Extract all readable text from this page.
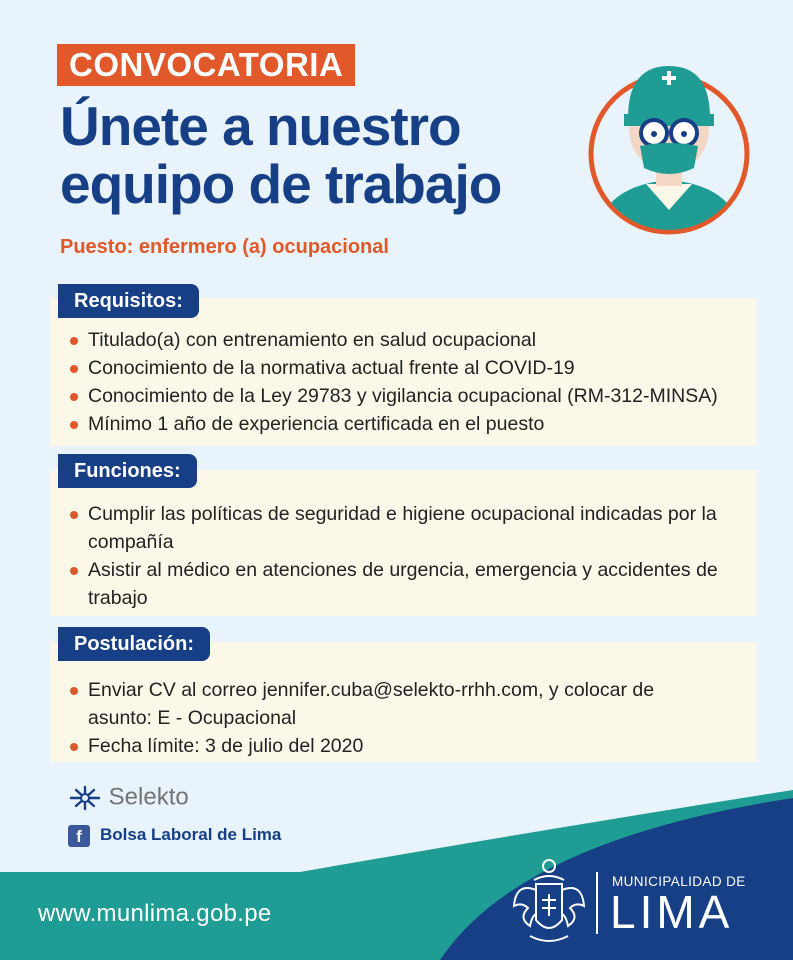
CONVOCATORIA
Únete a nuestro equipo de trabajo
Puesto: enfermero (a) ocupacional
Requisitos:
Funciones:
Postulación:
Titulado(a) con entrenamiento en salud ocupacional
Conocimiento de la normativa actual frente al COVID-19
Conocimiento de la Ley 29783 y vigilancia ocupacional (RM-312-MINSA)
Mínimo 1 año de experiencia certificada en el puesto
Cumplir las políticas de seguridad e higiene ocupacional indicadas por la compañía
Asistir al médico en atenciones de urgencia, emergencia y accidentes de trabajo
Enviar CV al correo jennifer.cuba@selekto-rrhh.com, y colocar de asunto: E - Ocupacional
Fecha límite: 3 de julio del 2020
Selekto
f Bolsa Laboral de Lima
www.munlima.gob.pe
MUNICIPALIDAD DE
LIMA
